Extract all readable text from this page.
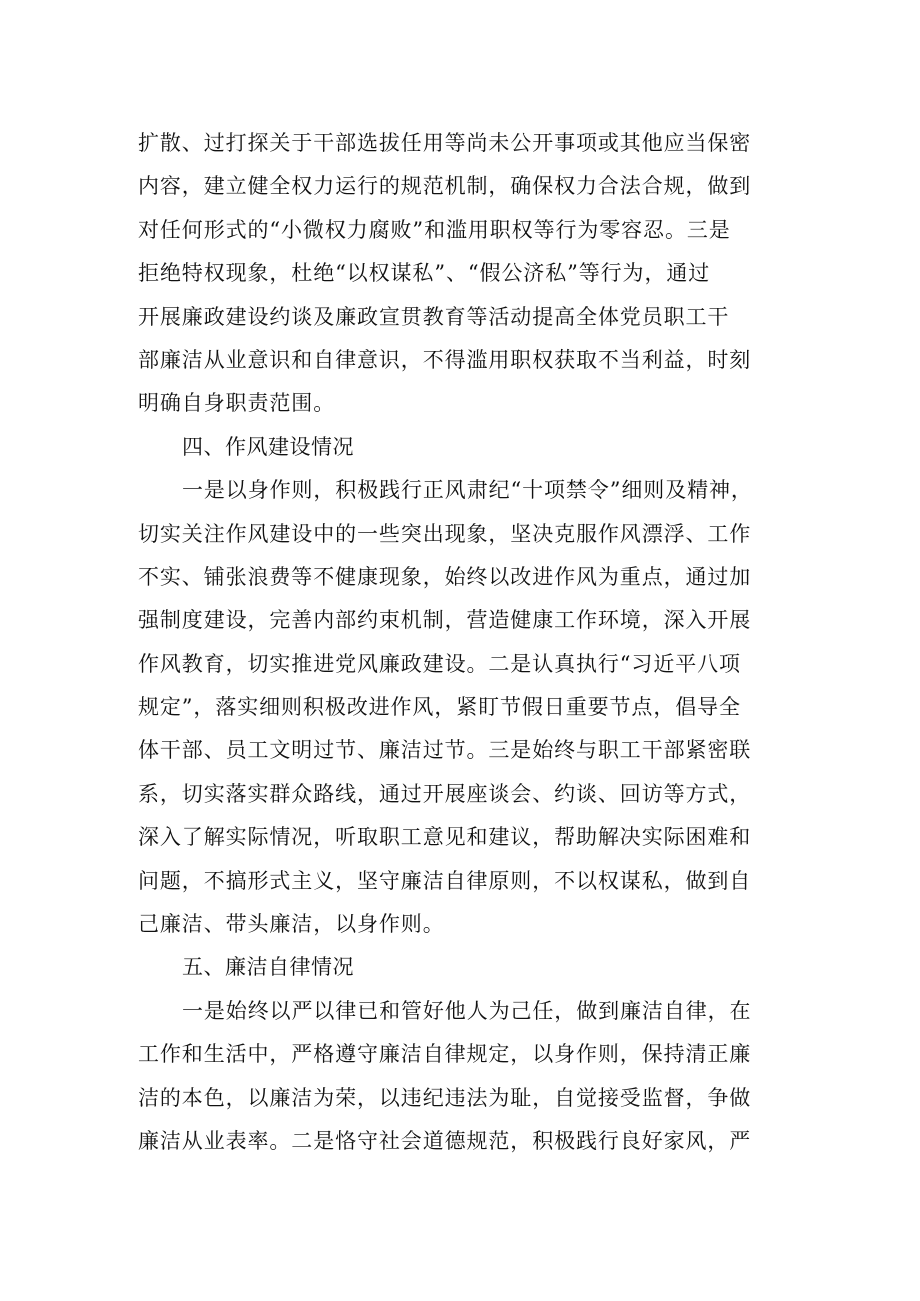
扩散、过打探关于干部选拔任用等尚未公开事项或其他应当保密
内容，建立健全权力运行的规范机制，确保权力合法合规，做到
对任何形式的“小微权力腐败”和滥用职权等行为零容忍。三是
拒绝特权现象，杜绝“以权谋私”、“假公济私”等行为，通过
开展廉政建设约谈及廉政宣贯教育等活动提高全体党员职工干
部廉洁从业意识和自律意识，不得滥用职权获取不当利益，时刻
明确自身职责范围。
四、作风建设情况
一是以身作则，积极践行正风肃纪“十项禁令”细则及精神，
切实关注作风建设中的一些突出现象，坚决克服作风漂浮、工作
不实、铺张浪费等不健康现象，始终以改进作风为重点，通过加
强制度建设，完善内部约束机制，营造健康工作环境，深入开展
作风教育，切实推进党风廉政建设。二是认真执行“习近平八项
规定”，落实细则积极改进作风，紧盯节假日重要节点，倡导全
体干部、员工文明过节、廉洁过节。三是始终与职工干部紧密联
系，切实落实群众路线，通过开展座谈会、约谈、回访等方式，
深入了解实际情况，听取职工意见和建议，帮助解决实际困难和
问题，不搞形式主义，坚守廉洁自律原则，不以权谋私，做到自
己廉洁、带头廉洁，以身作则。
五、廉洁自律情况
一是始终以严以律已和管好他人为己任，做到廉洁自律，在
工作和生活中，严格遵守廉洁自律规定，以身作则，保持清正廉
洁的本色，以廉洁为荣，以违纪违法为耻，自觉接受监督，争做
廉洁从业表率。二是恪守社会道德规范，积极践行良好家风，严
